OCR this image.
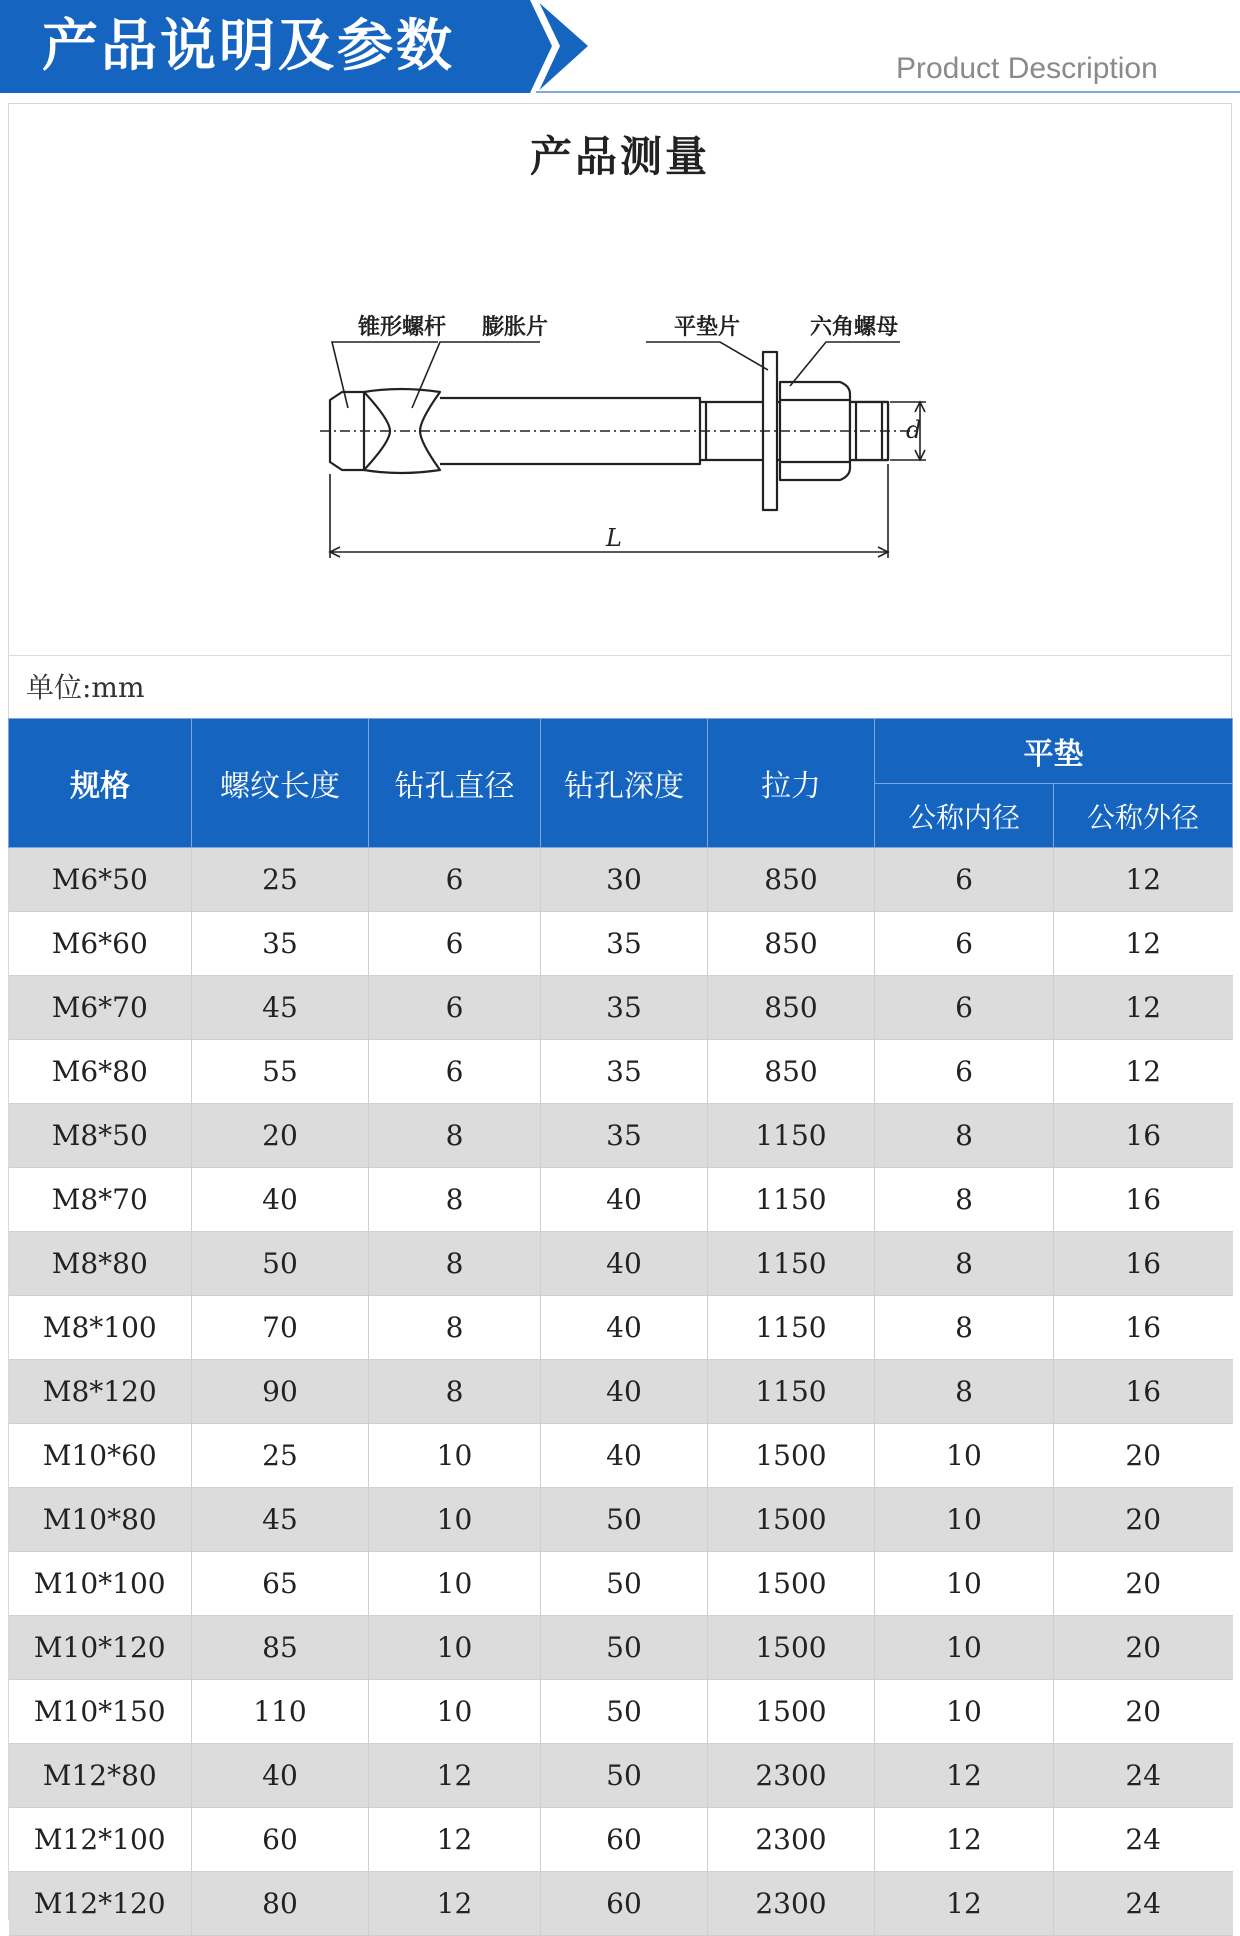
产品说明及参数	Product Description
产品测量
锥形螺杆 膨胀片	平垫片	六角螺母
L
d
单位:mm
规格	螺纹长度	钻孔直径	钻孔深度	拉力	平垫	
					公称内径	公称外径
M6*50	25	6	30	850	6	12
M6*60	35	6	35	850	6	12
M6*70	45	6	35	850	6	12
M6*80	55	6	35	850	6	12
M8*50	20	8	35	1150	8	16
M8*70	40	8	40	1150	8	16
M8*80	50	8	40	1150	8	16
M8*100	70	8	40	1150	8	16
M8*120	90	8	40	1150	8	16
M10*60	25	10	40	1500	10	20
M10*80	45	10	50	1500	10	20
M10*100	65	10	50	1500	10	20
M10*120	85	10	50	1500	10	20
M10*150	110	10	50	1500	10	20
M12*80	40	12	50	2300	12	24
M12*100	60	12	60	2300	12	24
M12*120	80	12	60	2300	12	24
